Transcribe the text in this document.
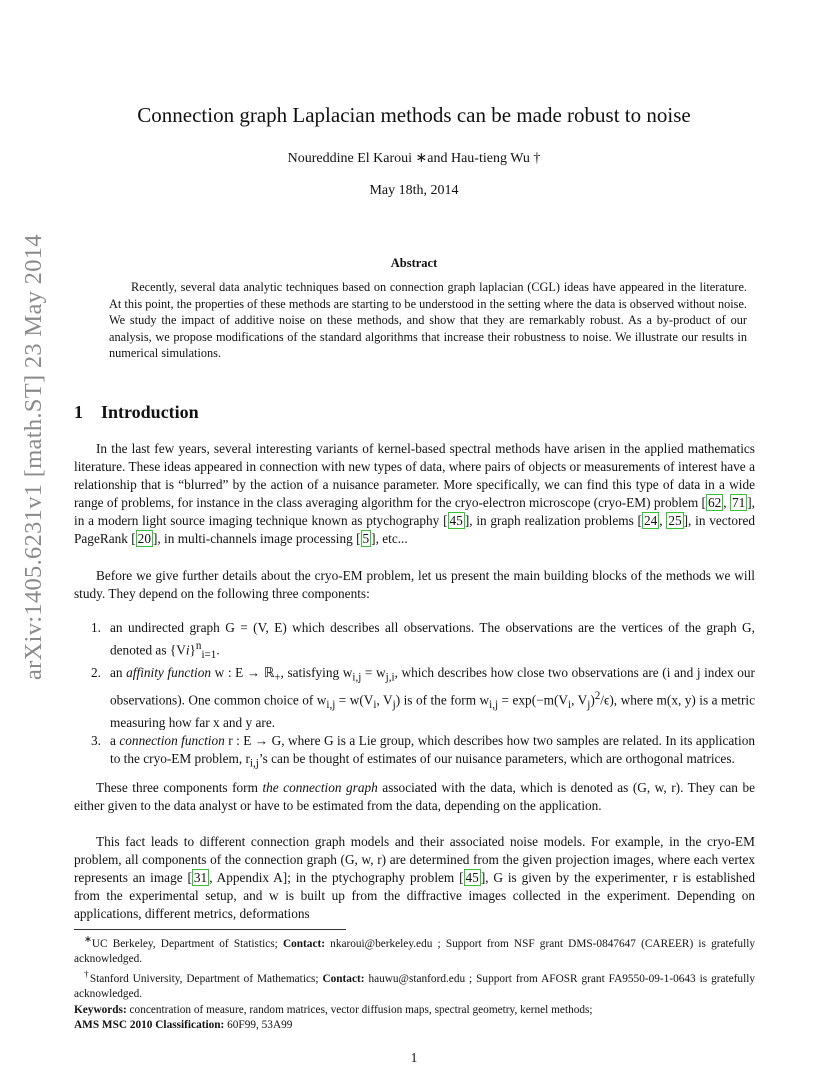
arXiv:1405.6231v1 [math.ST] 23 May 2014
Connection graph Laplacian methods can be made robust to noise
Noureddine El Karoui ∗and Hau-tieng Wu †
May 18th, 2014
Abstract
Recently, several data analytic techniques based on connection graph laplacian (CGL) ideas have appeared in the literature. At this point, the properties of these methods are starting to be understood in the setting where the data is observed without noise. We study the impact of additive noise on these methods, and show that they are remarkably robust. As a by-product of our analysis, we propose modifications of the standard algorithms that increase their robustness to noise. We illustrate our results in numerical simulations.
1 Introduction
In the last few years, several interesting variants of kernel-based spectral methods have arisen in the applied mathematics literature. These ideas appeared in connection with new types of data, where pairs of objects or measurements of interest have a relationship that is “blurred” by the action of a nuisance parameter. More specifically, we can find this type of data in a wide range of problems, for instance in the class averaging algorithm for the cryo-electron microscope (cryo-EM) problem [ 62 , 71 ], in a modern light source imaging technique known as ptychography [ 45 ], in graph realization problems [ 24 , 25 ], in vectored PageRank [ 20 ], in multi-channels image processing [ 5 ], etc...
Before we give further details about the cryo-EM problem, let us present the main building blocks of the methods we will study. They depend on the following three components:
1. an undirected graph G = (V, E) which describes all observations. The observations are the vertices of the graph G, denoted as $\{Vi\}^n_{i=1}$.
2. an affinity function w : E → ℝ$_+$, satisfying $w_{i,j} = w_{j,i}$, which describes how close two observations are (i and j index our observations). One common choice of $w_{i,j} = w(V_i$, $V_j$) is of the form $w_{i,j} = \exp(-m(V_i$, $V_j)^2/\epsilon$), where m(x, y) is a metric measuring how far x and y are.
3. a connection function r : E → G, where G is a Lie group, which describes how two samples are related. In its application to the cryo-EM problem, $r_{i,j}’s$ can be thought of estimates of our nuisance parameters, which are orthogonal matrices.
These three components form the connection graph associated with the data, which is denoted as (G, w, r). They can be either given to the data analyst or have to be estimated from the data, depending on the application.
This fact leads to different connection graph models and their associated noise models. For example, in the cryo-EM problem, all components of the connection graph (G, w, r) are determined from the given projection images, where each vertex represents an image [ 31 , Appendix A]; in the ptychography problem [ 45 ], G is given by the experimenter, r is established from the experimental setup, and w is built up from the diffractive images collected in the experiment. Depending on applications, different metrics, deformations

∗UC Berkeley, Department of Statistics; Contact: nkaroui@berkeley.edu ; Support from NSF grant DMS-0847647 (CAREER) is gratefully acknowledged.

†Stanford University, Department of Mathematics; Contact: hauwu@stanford.edu ; Support from AFOSR grant FA9550-09-1-0643 is gratefully acknowledged.

Keywords: concentration of measure, random matrices, vector diffusion maps, spectral geometry, kernel methods;

AMS MSC 2010 Classification: 60F99, 53A99

1
